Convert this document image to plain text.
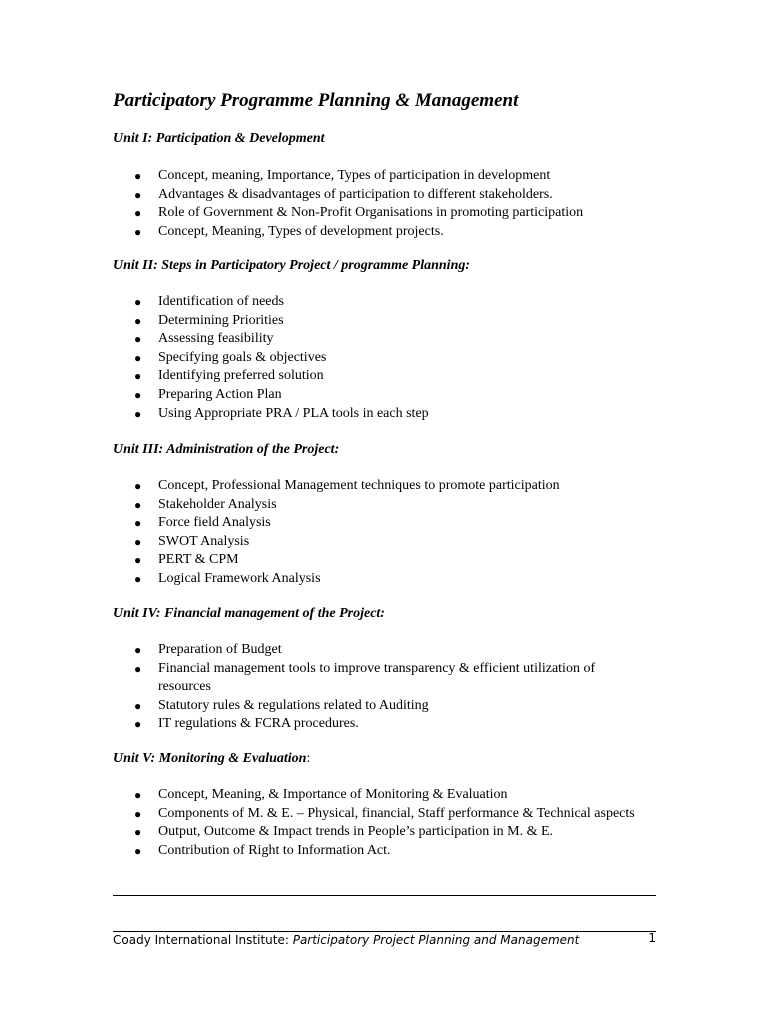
Participatory Programme Planning & Management
Unit I: Participation & Development
● Concept, meaning, Importance, Types of participation in development
● Advantages & disadvantages of participation to different stakeholders.
● Role of Government & Non-Profit Organisations in promoting participation
● Concept, Meaning, Types of development projects.
Unit II: Steps in Participatory Project / programme Planning:
● Identification of needs
● Determining Priorities
● Assessing feasibility
● Specifying goals & objectives
● Identifying preferred solution
● Preparing Action Plan
● Using Appropriate PRA / PLA tools in each step
Unit III: Administration of the Project:
● Concept, Professional Management techniques to promote participation
● Stakeholder Analysis
● Force field Analysis
● SWOT Analysis
● PERT & CPM
● Logical Framework Analysis
Unit IV: Financial management of the Project:
● Preparation of Budget
● Financial management tools to improve transparency & efficient utilization of resources
● Statutory rules & regulations related to Auditing
● IT regulations & FCRA procedures.
Unit V: Monitoring & Evaluation:
● Concept, Meaning, & Importance of Monitoring & Evaluation
● Components of M. & E. – Physical, financial, Staff performance & Technical aspects
● Output, Outcome & Impact trends in People’s participation in M. & E.
● Contribution of Right to Information Act.
Coady International Institute: Participatory Project Planning and Management	1
